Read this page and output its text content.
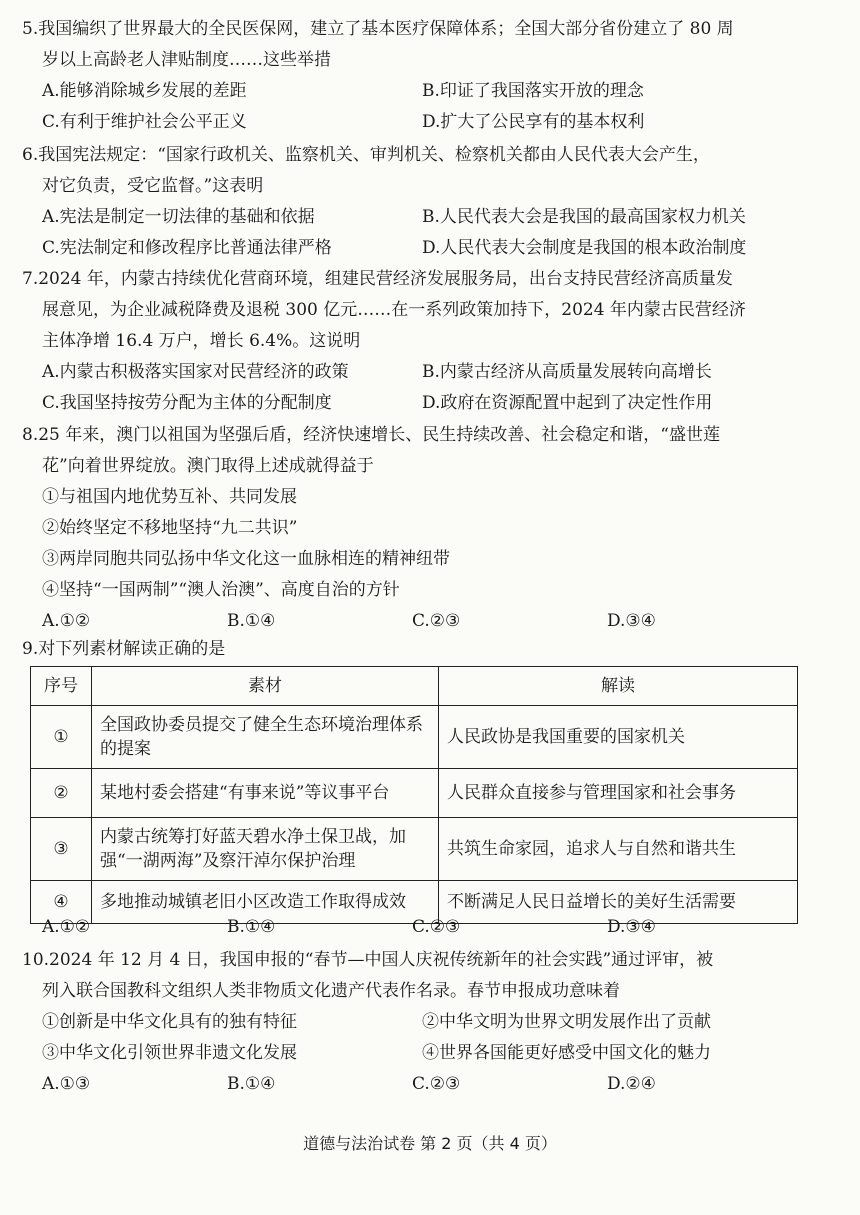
5.我国编织了世界最大的全民医保网，建立了基本医疗保障体系；全国大部分省份建立了 80 周
岁以上高龄老人津贴制度……这些举措

A.能够消除城乡发展的差距	B.印证了我国落实开放的理念
C.有利于维护社会公平正义	D.扩大了公民享有的基本权利

6.我国宪法规定：“国家行政机关、监察机关、审判机关、检察机关都由人民代表大会产生，
对它负责，受它监督。”这表明

A.宪法是制定一切法律的基础和依据	B.人民代表大会是我国的最高国家权力机关
C.宪法制定和修改程序比普通法律严格	D.人民代表大会制度是我国的根本政治制度

7.2024 年，内蒙古持续优化营商环境，组建民营经济发展服务局，出台支持民营经济高质量发
展意见，为企业减税降费及退税 300 亿元……在一系列政策加持下，2024 年内蒙古民营经济
主体净增 16.4 万户，增长 6.4%。这说明

A.内蒙古积极落实国家对民营经济的政策	B.内蒙古经济从高质量发展转向高增长
C.我国坚持按劳分配为主体的分配制度	D.政府在资源配置中起到了决定性作用

8.25 年来，澳门以祖国为坚强后盾，经济快速增长、民生持续改善、社会稳定和谐，“盛世莲
花”向着世界绽放。澳门取得上述成就得益于

①与祖国内地优势互补、共同发展
②始终坚定不移地坚持“九二共识”
③两岸同胞共同弘扬中华文化这一血脉相连的精神纽带
④坚持“一国两制”“澳人治澳”、高度自治的方针
A.①②	B.①④	C.②③	D.③④

9.对下列素材解读正确的是

序号	素材	解读
①	全国政协委员提交了健全生态环境治理体系的提案	人民政协是我国重要的国家机关
②	某地村委会搭建“有事来说”等议事平台	人民群众直接参与管理国家和社会事务
③	内蒙古统筹打好蓝天碧水净土保卫战，加强“一湖两海”及察汗淖尔保护治理	共筑生命家园，追求人与自然和谐共生
④	多地推动城镇老旧小区改造工作取得成效	不断满足人民日益增长的美好生活需要
A.①②	B.①④	C.②③	D.③④

10.2024 年 12 月 4 日，我国申报的“春节—中国人庆祝传统新年的社会实践”通过评审，被
列入联合国教科文组织人类非物质文化遗产代表作名录。春节申报成功意味着

①创新是中华文化具有的独有特征	②中华文明为世界文明发展作出了贡献
③中华文化引领世界非遗文化发展	④世界各国能更好感受中国文化的魅力
A.①③	B.①④	C.②③	D.②④
道德与法治试卷 第 2 页（共 4 页）
